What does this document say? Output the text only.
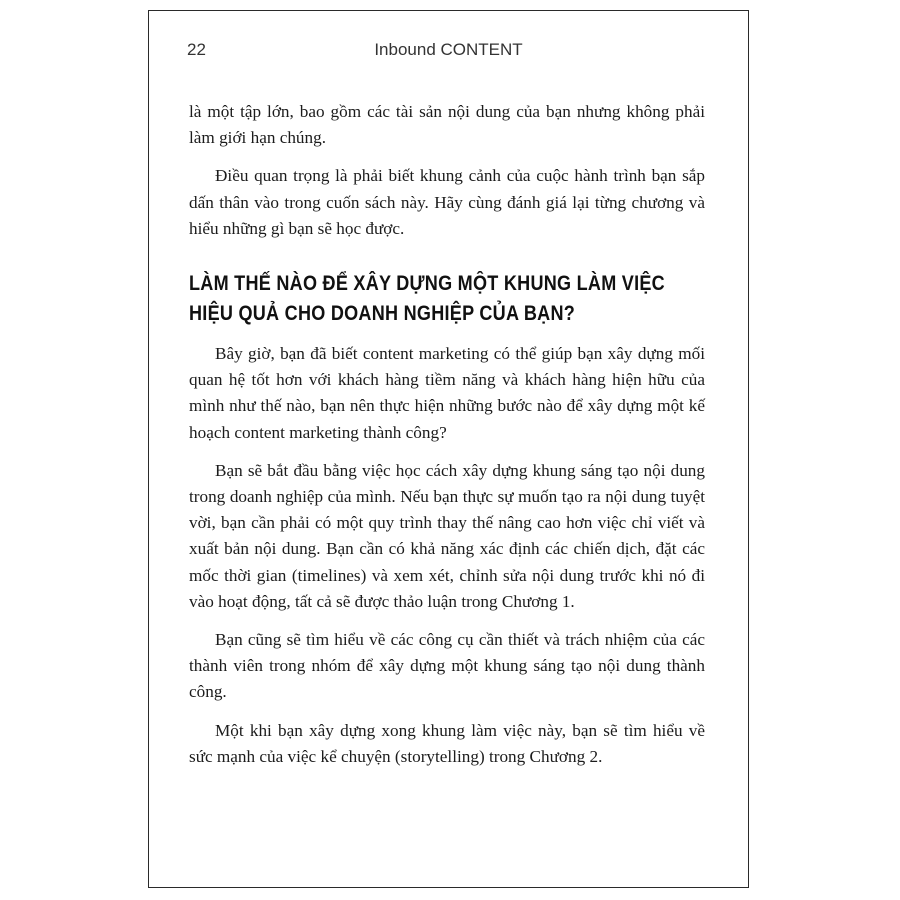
22	Inbound CONTENT

là một tập lớn, bao gồm các tài sản nội dung của bạn nhưng không phải làm giới hạn chúng.

Điều quan trọng là phải biết khung cảnh của cuộc hành trình bạn sắp dấn thân vào trong cuốn sách này. Hãy cùng đánh giá lại từng chương và hiểu những gì bạn sẽ học được.

LÀM THẾ NÀO ĐỂ XÂY DỰNG MỘT KHUNG LÀM VIỆC HIỆU QUẢ CHO DOANH NGHIỆP CỦA BẠN?

Bây giờ, bạn đã biết content marketing có thể giúp bạn xây dựng mối quan hệ tốt hơn với khách hàng tiềm năng và khách hàng hiện hữu của mình như thế nào, bạn nên thực hiện những bước nào để xây dựng một kế hoạch content marketing thành công?

Bạn sẽ bắt đầu bằng việc học cách xây dựng khung sáng tạo nội dung trong doanh nghiệp của mình. Nếu bạn thực sự muốn tạo ra nội dung tuyệt vời, bạn cần phải có một quy trình thay thế nâng cao hơn việc chỉ viết và xuất bản nội dung. Bạn cần có khả năng xác định các chiến dịch, đặt các mốc thời gian (timelines) và xem xét, chỉnh sửa nội dung trước khi nó đi vào hoạt động, tất cả sẽ được thảo luận trong Chương 1.

Bạn cũng sẽ tìm hiểu về các công cụ cần thiết và trách nhiệm của các thành viên trong nhóm để xây dựng một khung sáng tạo nội dung thành công.

Một khi bạn xây dựng xong khung làm việc này, bạn sẽ tìm hiểu về sức mạnh của việc kể chuyện (storytelling) trong Chương 2.
